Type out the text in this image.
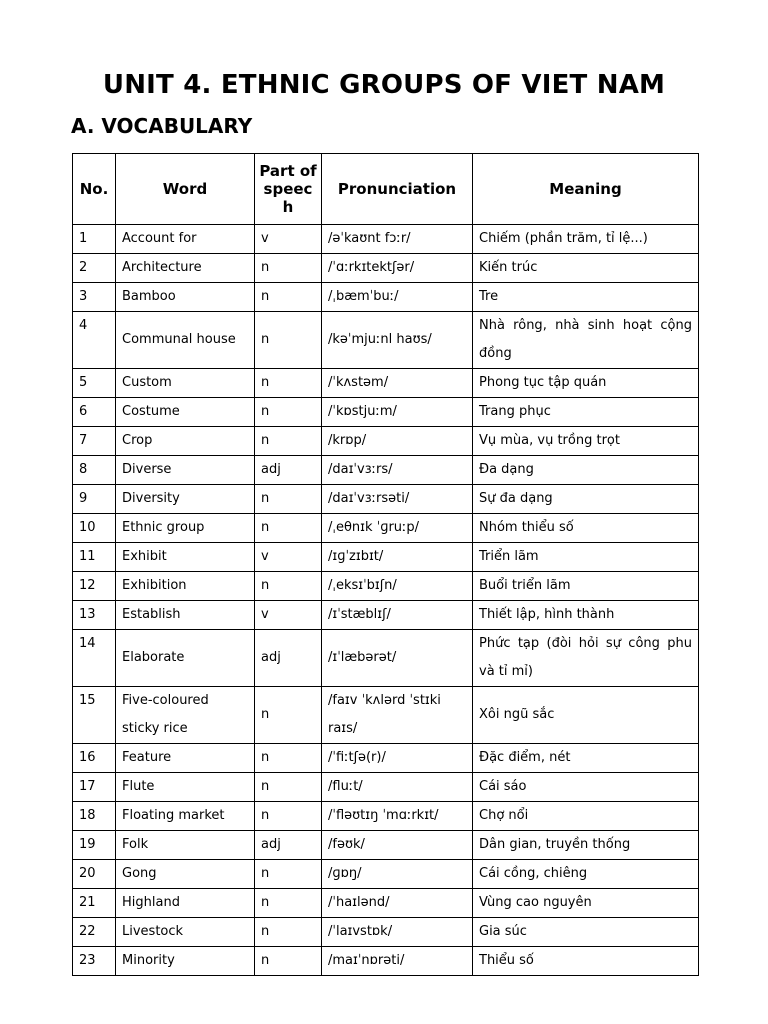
UNIT 4. ETHNIC GROUPS OF VIET NAM
A. VOCABULARY
No.	Word	Part of speec h	Pronunciation	Meaning
1	Account for	v	/əˈkaʊnt fɔːr/	Chiếm (phần trăm, tỉ lệ...)
2	Architecture	n	/ˈɑːrkɪtektʃər/	Kiến trúc
3	Bamboo	n	/ˌbæmˈbuː/	Tre
4	Communal house	n	/kəˈmjuːnl haʊs/	Nhà rông, nhà sinh hoạt cộng đồng
5	Custom	n	/ˈkʌstəm/	Phong tục tập quán
6	Costume	n	/ˈkɒstjuːm/	Trang phục
7	Crop	n	/krɒp/	Vụ mùa, vụ trồng trọt
8	Diverse	adj	/daɪˈvɜːrs/	Đa dạng
9	Diversity	n	/daɪˈvɜːrsəti/	Sự đa dạng
10	Ethnic group	n	/ˌeθnɪk ˈɡruːp/	Nhóm thiểu số
11	Exhibit	v	/ɪɡˈzɪbɪt/	Triển lãm
12	Exhibition	n	/ˌeksɪˈbɪʃn/	Buổi triển lãm
13	Establish	v	/ɪˈstæblɪʃ/	Thiết lập, hình thành
14	Elaborate	adj	/ɪˈlæbərət/	Phức tạp (đòi hỏi sự công phu và tỉ mỉ)
15	Five-coloured sticky rice	n	/faɪv ˈkʌlərd ˈstɪki raɪs/	Xôi ngũ sắc
16	Feature	n	/ˈfiːtʃə(r)/	Đặc điểm, nét
17	Flute	n	/fluːt/	Cái sáo
18	Floating market	n	/ˈfləʊtɪŋ ˈmɑːrkɪt/	Chợ nổi
19	Folk	adj	/fəʊk/	Dân gian, truyền thống
20	Gong	n	/ɡɒŋ/	Cái cồng, chiêng
21	Highland	n	/ˈhaɪlənd/	Vùng cao nguyên
22	Livestock	n	/ˈlaɪvstɒk/	Gia súc
23	Minority	n	/maɪˈnɒrəti/	Thiểu số
